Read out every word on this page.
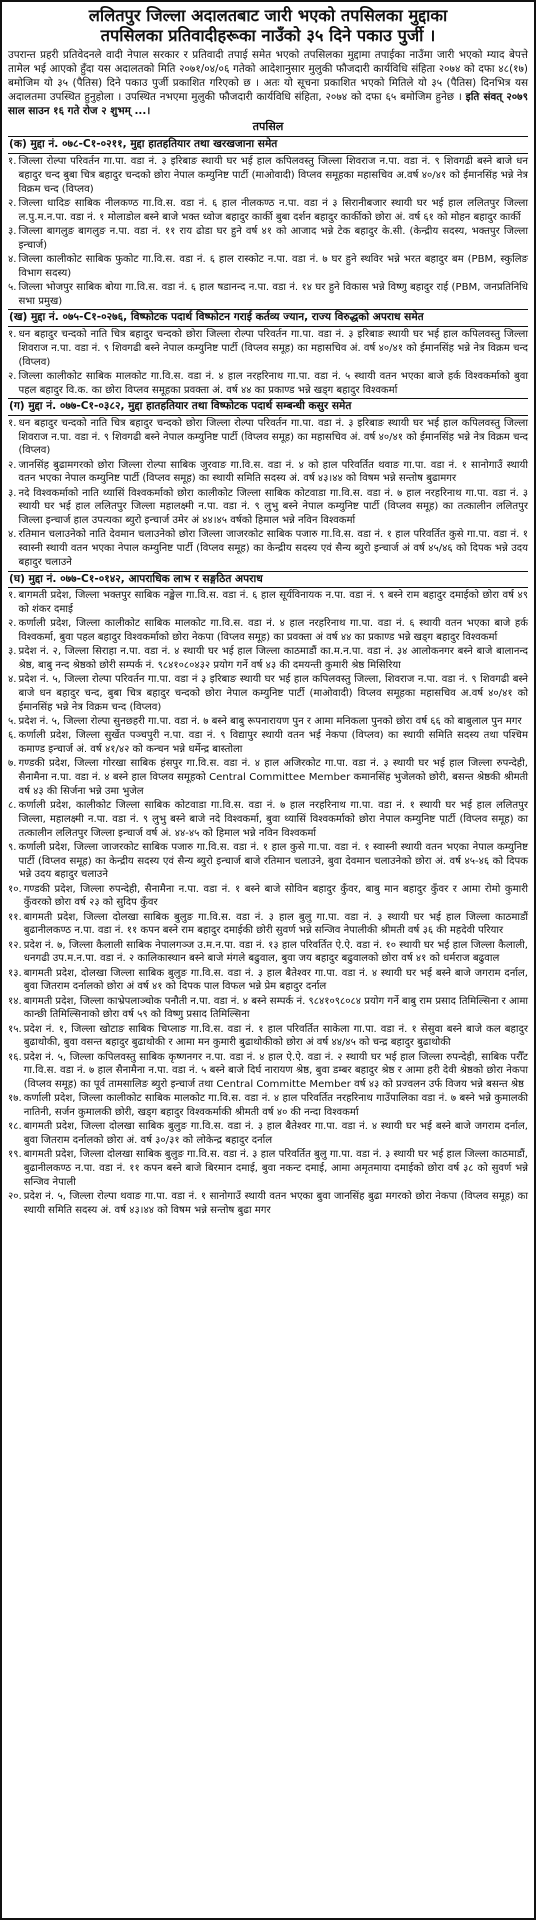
ललितपुर जिल्ला अदालतबाट जारी भएको तपसिलका मुद्दाका
तपसिलका प्रतिवादीहरूका नाउँको ३५ दिने पकाउ पुर्जी ।
उपरान्त प्रहरी प्रतिवेदनले वादी नेपाल सरकार र प्रतिवादी तपाई समेत भएको तपसिलका मुद्दामा तपाईका नाउँमा जारी भएको म्याद बेपत्ते तामेल भई आएको हुँदा यस अदालतको मिति २०७१/०४/०६ गतेको आदेशानुसार मुलुकी फौजदारी कार्यविधि संहिता २०७४ को दफा ४८(१७) बमोजिम यो ३५ (पैतिस) दिने पकाउ पुर्जी प्रकाशित गरिएको छ । अतः यो सूचना प्रकाशित भएको मितिले यो ३५ (पैतिस) दिनभित्र यस अदालतमा उपस्थित हुनुहोला । उपस्थित नभएमा मुलुकी फौजदारी कार्यविधि संहिता, २०७४ को दफा ६५ बमोजिम हुनेछ । इति संवत् २०७९ साल साउन १६ गते रोज २ शुभम् ...।
तपसिल
(क) मुद्दा नं. ०७८-C१-०२११, मुद्दा हातहतियार तथा खरखजाना समेत
१. जिल्ला रोल्पा परिवर्तन गा.पा. वडा नं. ३ इरिबाङ स्थायी घर भई हाल कपिलवस्तु जिल्ला शिवराज न.पा. वडा नं. ९ शिवगढी बस्ने बाजे धन बहादुर चन्द बुबा चित्र बहादुर चन्दको छोरा नेपाल कम्युनिष्ट पार्टी (माओवादी) विप्लव समूहका महासचिव अ.वर्ष ४०/४१ को ईमानसिंह भन्ने नेत्र विक्रम चन्द (विप्लव)
२. जिल्ला धादिङ साबिक नीलकण्ठ गा.वि.स. वडा नं. ६ हाल नीलकण्ठ न.पा. वडा नं ३ सिरानीबजार स्थायी घर भई हाल ललितपुर जिल्ला ल.पु.म.न.पा. वडा नं. १ मोलाडोल बस्ने बाजे भक्त ध्वोज बहादुर कार्की बुबा दर्शन बहादुर कार्कीको छोरा अं. वर्ष ६१ को मोहन बहादुर कार्की
३. जिल्ला बागलुङ बागलुङ न.पा. वडा नं. ११ राय ढोडा घर हुने वर्ष ४१ को आजाद भन्ने टेक बहादुर के.सी. (केन्द्रीय सदस्य, भक्तपुर जिल्ला इन्चार्ज)
४. जिल्ला कालीकोट साबिक फुकोट गा.वि.स. वडा नं. ६ हाल रास्कोट न.पा. वडा नं. ७ घर हुने स्थविर भन्ने भरत बहादुर बम (PBM, स्कुलिङ विभाग सदस्य)
५. जिल्ला भोजपुर साबिक बोया गा.वि.स. वडा नं. ६ हाल षडानन्द न.पा. वडा नं. १४ घर हुने विकास भन्ने विष्णु बहादुर राई (PBM, जनप्रतिनिधि सभा प्रमुख)
(ख) मुद्दा नं. ०७५-C१-०२७६, विष्फोटक पदार्थ विष्फोटन गराई कर्तव्य ज्यान, राज्य विरुद्धको अपराध समेत
१. धन बहादुर चन्दको नाति चित्र बहादुर चन्दको छोरा जिल्ला रोल्पा परिवर्तन गा.पा. वडा नं. ३ इरिबाङ स्थायी घर भई हाल कपिलवस्तु जिल्ला शिवराज न.पा. वडा नं. ९ शिवगढी बस्ने नेपाल कम्युनिष्ट पार्टी (विप्लव समूह) का महासचिव अं. वर्ष ४०/४१ को ईमानसिंह भन्ने नेत्र विक्रम चन्द (विप्लव)
२. जिल्ला कालीकोट साबिक मालकोट गा.वि.स. वडा नं. ४ हाल नरहरिनाथ गा.पा. वडा नं. ५ स्थायी वतन भएका बाजे हर्क विश्वकर्माको बुवा पहल बहादुर वि.क. का छोरा विप्लव समूहका प्रवक्ता अं. वर्ष ४४ का प्रकाण्ड भन्ने खड्ग बहादुर विश्वकर्मा
(ग) मुद्दा नं. ०७७-C१-०३८२, मुद्दा हातहतियार तथा विष्फोटक पदार्थ सम्बन्धी कसुर समेत
१. धन बहादुर चन्दको नाति चित्र बहादुर चन्दको छोरा जिल्ला रोल्पा परिवर्तन गा.पा. वडा नं. ३ इरिबाङ स्थायी घर भई हाल कपिलवस्तु जिल्ला शिवराज न.पा. वडा नं. ९ शिवगढी बस्ने नेपाल कम्युनिष्ट पार्टी (विप्लव समूह) का महासचिव अं. वर्ष ४०/४१ को ईमानसिंह भन्ने नेत्र विक्रम चन्द (विप्लव)
२. जानसिंह बुढामगरको छोरा जिल्ला रोल्पा साबिक जुरवाङ गा.वि.स. वडा नं. ४ को हाल परिवर्तित थवाङ गा.पा. वडा नं. १ सानोगाउँ स्थायी वतन भएका नेपाल कम्युनिष्ट पार्टी (विप्लव समूह) का स्थायी समिति सदस्य अं. वर्ष ४३।४४ को विषम भन्ने सन्तोष बुढामगर
३. नदे विश्वकर्माको नाति थ्यासिं विश्वकर्माको छोरा कालीकोट जिल्ला साबिक कोटवाडा गा.वि.स. वडा नं. ७ हाल नरहरिनाथ गा.पा. वडा नं. ३ स्थायी घर भई हाल ललितपुर जिल्ला महालक्ष्मी न.पा. वडा नं. ९ लुभु बस्ने नेपाल कम्युनिष्ट पार्टी (विप्लव समूह) का तत्कालीन ललितपुर जिल्ला इन्चार्ज हाल उपत्यका ब्युरो इन्चार्ज उमेर अं ४४।४५ वर्षको हिमाल भन्ने नविन विश्वकर्मा
४. रतिमान चलाउनेको नाति देवमान चलाउनेको छोरा जिल्ला जाजरकोट साबिक पजारु गा.वि.स. वडा नं. १ हाल परिवर्तित कुसे गा.पा. वडा नं. १ स्वास्नी स्थायी वतन भएका नेपाल कम्युनिष्ट पार्टी (विप्लव समूह) का केन्द्रीय सदस्य एवं सैन्य ब्युरो इन्चार्ज अं वर्ष ४५/४६ को दिपक भन्ने उदय बहादुर चलाउने
(घ) मुद्दा नं. ०७७-C१-०१४२, आपराधिक लाभ र सङ्गठित अपराध
१. बागमती प्रदेश, जिल्ला भक्तपुर साबिक नङ्खेल गा.वि.स. वडा नं. ६ हाल सूर्यविनायक न.पा. वडा नं. ९ बस्ने राम बहादुर दमाईको छोरा वर्ष ४९ को शंकर दमाई
२. कर्णाली प्रदेश, जिल्ला कालीकोट साबिक मालकोट गा.वि.स. वडा नं. ४ हाल नरहरिनाथ गा.पा. वडा नं. ६ स्थायी वतन भएका बाजे हर्क विश्वकर्मा, बुवा पहल बहादुर विश्वकर्माको छोरा नेकपा (विप्लव समूह) का प्रवक्ता अं वर्ष ४४ का प्रकाण्ड भन्ने खड्ग बहादुर विश्वकर्मा
३. प्रदेश नं. २, जिल्ला सिराहा न.पा. वडा नं. ४ स्थायी घर भई हाल जिल्ला काठमाडौं का.म.न.पा. वडा नं. ३४ आलोकनगर बस्ने बाजे बालानन्द श्रेष्ठ, बाबु नन्द श्रेष्ठको छोरी सम्पर्क नं. ९८४१०८०४३२ प्रयोग गर्ने वर्ष ४३ की दमयन्ती कुमारी श्रेष्ठ मिसिरिया
४. प्रदेश नं. ५, जिल्ला रोल्पा परिवर्तन गा.पा. वडा नं ३ इरिबाङ स्थायी घर भई हाल कपिलवस्तु जिल्ला, शिवराज न.पा. वडा नं. ९ शिवगढी बस्ने बाजे धन बहादुर चन्द, बुबा चित्र बहादुर चन्दको छोरा नेपाल कम्युनिष्ट पार्टी (माओवादी) विप्लव समूहका महासचिव अ.वर्ष ४०/४१ को ईमानसिंह भन्ने नेत्र विक्रम चन्द (विप्लव)
५. प्रदेश नं. ५, जिल्ला रोल्पा सुनछहरी गा.पा. वडा नं. ७ बस्ने बाबु रूपनारायण पुन र आमा मनिकला पुनको छोरा वर्ष ६६ को बाबुलाल पुन मगर
६. कर्णाली प्रदेश, जिल्ला सुर्खेत पञ्चपुरी न.पा. वडा नं. ९ विद्यापुर स्थायी वतन भई नेकपा (विप्लव) का स्थायी समिति सदस्य तथा पश्चिम कमाण्ड इन्चार्ज अं. वर्ष ४१/४२ को कन्चन भन्ने धर्मेन्द्र बास्तोला
७. गण्डकी प्रदेश, जिल्ला गोरखा साबिक हंसपुर गा.वि.स. वडा नं. ४ हाल अजिरकोट गा.पा. वडा नं. ३ स्थायी घर भई हाल जिल्ला रुपन्देही, सैनामैना न.पा. वडा नं. ४ बस्ने हाल विप्लव समूहको Central Committee Member कमानसिंह भुजेलको छोरी, बसन्त श्रेष्ठकी श्रीमती वर्ष ४३ की सिर्जना भन्ने उमा भुजेल
८. कर्णाली प्रदेश, कालीकोट जिल्ला साबिक कोटवाडा गा.वि.स. वडा नं. ७ हाल नरहरिनाथ गा.पा. वडा नं. १ स्थायी घर भई हाल ललितपुर जिल्ला, महालक्ष्मी न.पा. वडा नं. ९ लुभु बस्ने बाजे नदे विश्वकर्मा, बुवा थ्यासिं विश्वकर्माको छोरा नेपाल कम्युनिष्ट पार्टी (विप्लव समूह) का तत्कालीन ललितपुर जिल्ला इन्चार्ज वर्ष अं. ४४-४५ को हिमाल भन्ने नविन विश्वकर्मा
९. कर्णाली प्रदेश, जिल्ला जाजरकोट साबिक पजारु गा.वि.स. वडा नं. १ हाल कुसे गा.पा. वडा नं. १ स्वास्नी स्थायी वतन भएका नेपाल कम्युनिष्ट पार्टी (विप्लव समूह) का केन्द्रीय सदस्य एवं सैन्य ब्युरो इन्चार्ज बाजे रतिमान चलाउने, बुवा देवमान चलाउनेको छोरा अं. वर्ष ४५-४६ को दिपक भन्ने उदय बहादुर चलाउने
१०. गण्डकी प्रदेश, जिल्ला रुपन्देही, सैनामैना न.पा. वडा नं. १ बस्ने बाजे सोविन बहादुर कुँवर, बाबु मान बहादुर कुँवर र आमा रोमो कुमारी कुँवरको छोरा वर्ष २३ को सुदिप कुँवर
११. बागमती प्रदेश, जिल्ला दोलखा साबिक बुलुङ गा.वि.स. वडा नं. ३ हाल बुलु गा.पा. वडा नं. ३ स्थायी घर भई हाल जिल्ला काठमाडौं बुढानीलकण्ठ न.पा. वडा नं. ११ कपन बस्ने राम बहादुर दमाईकी छोरी सुवर्ण भन्ने सन्जिव नेपालीकी श्रीमती वर्ष ३६ की महदेवी परियार
१२. प्रदेश नं. ७, जिल्ला कैलाली साबिक नेपालगञ्ज उ.म.न.पा. वडा नं. १३ हाल परिवर्तित ऐ.ऐ. वडा नं. १० स्थायी घर भई हाल जिल्ला कैलाली, धनगढी उप.म.न.पा. वडा नं. २ कालिकास्थान बस्ने बाजे मंगले बढुवाल, बुवा जय बहादुर बढुवालको छोरा वर्ष ४१ को धर्मराज बढुवाल
१३. बागमती प्रदेश, दोलखा जिल्ला साबिक बुलुङ गा.वि.स. वडा नं. ३ हाल बैतेश्वर गा.पा. वडा नं. ४ स्थायी घर भई बस्ने बाजे जगराम दर्नाल, बुवा जितराम दर्नालको छोरा अं वर्ष ४१ को दिपक पाल विफल भन्ने प्रेम बहादुर दर्नाल
१४. बागमती प्रदेश, जिल्ला काभ्रेपलाञ्चोक पनौती न.पा. वडा नं. ४ बस्ने सम्पर्क नं. ९८४१०९८०८४ प्रयोग गर्ने बाबु राम प्रसाद तिमिल्सिना र आमा कान्छी तिमिल्सिनाको छोरा वर्ष ५९ को विष्णु प्रसाद तिमिल्सिना
१५. प्रदेश नं. १, जिल्ला खोटाङ साबिक चिप्लाङ गा.वि.स. वडा नं. १ हाल परिवर्तित साकेला गा.पा. वडा नं. १ सेसुवा बस्ने बाजे कल बहादुर बुढाथोकी, बुवा वसन्त बहादुर बुढाथोकी र आमा मन कुमारी बुढाथोकीको छोरा अं वर्ष ४४/४५ को चन्द्र बहादुर बुढाथोकी
१६. प्रदेश नं. ५, जिल्ला कपिलवस्तु साबिक कृष्णनगर न.पा. वडा नं. ४ हाल ऐ.ऐ. वडा नं. २ स्थायी घर भई हाल जिल्ला रुपन्देही, साबिक परौँट गा.वि.स. वडा नं. ७ हाल सैनामैना न.पा. वडा नं. ५ बस्ने बाजे दिर्घ नारायण श्रेष्ठ, बुवा डम्बर बहादुर श्रेष्ठ र आमा हरी देवी श्रेष्ठको छोरा नेकपा (विप्लव समूह) का पूर्व तामसालिङ ब्युरो इन्चार्ज तथा Central Committe Member वर्ष ४३ को प्रज्वलन उर्फ विजय भन्ने बसन्त श्रेष्ठ
१७. कर्णाली प्रदेश, जिल्ला कालीकोट साबिक मालकोट गा.वि.स. वडा नं. ४ हाल परिवर्तित नरहरिनाथ गाउँपालिका वडा नं. ७ बस्ने भन्ने कुमालकी नातिनी, सर्जन कुमालकी छोरी, खड्ग बहादुर विश्वकर्माकी श्रीमती वर्ष ४० की नन्दा विश्वकर्मा
१८. बागमती प्रदेश, जिल्ला दोलखा साबिक बुलुङ गा.वि.स. वडा नं. ३ हाल बैतेश्वर गा.पा. वडा नं. ४ स्थायी घर भई बस्ने बाजे जगराम दर्नाल, बुवा जितराम दर्नालको छोरा अं. वर्ष ३०/३१ को लोकेन्द्र बहादुर दर्नाल
१९. बागमती प्रदेश, जिल्ला दोलखा साबिक बुलुङ गा.वि.स. वडा नं. ३ हाल परिवर्तित बुलु गा.पा. वडा नं. ३ स्थायी घर भई हाल जिल्ला काठमाडौं, बुढानीलकण्ठ न.पा. वडा नं. ११ कपन बस्ने बाजे बिरमान दमाई, बुवा नकन्ट दमाई, आमा अमृतमाया दमाईको छोरा वर्ष ३८ को सुवर्ण भन्ने सन्जिव नेपाली
२०. प्रदेश नं. ५, जिल्ला रोल्पा थवाङ गा.पा. वडा नं. १ सानोगाउँ स्थायी वतन भएका बुवा जानसिंह बुढा मगरको छोरा नेकपा (विप्लव समूह) का स्थायी समिति सदस्य अं. वर्ष ४३।४४ को विषम भन्ने सन्तोष बुढा मगर
